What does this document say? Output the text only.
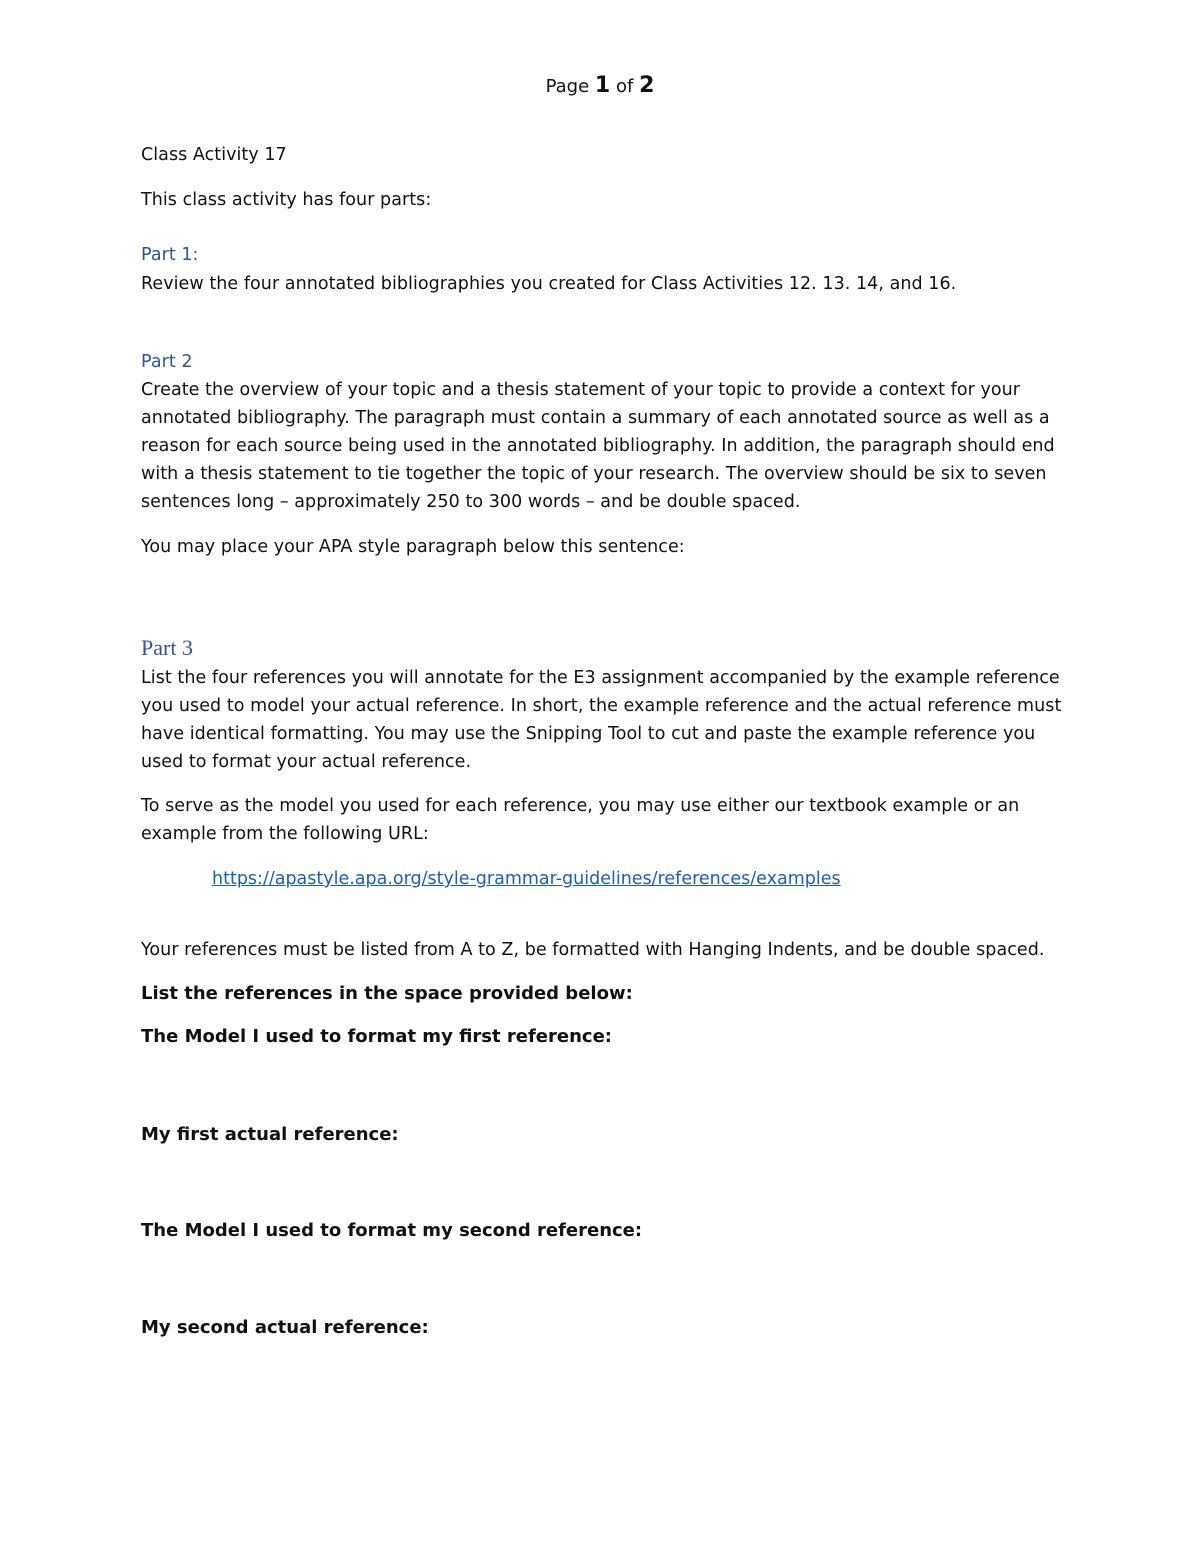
Page 1 of 2
Class Activity 17
This class activity has four parts:
Part 1:
Review the four annotated bibliographies you created for Class Activities 12. 13. 14, and 16.
Part 2
Create the overview of your topic and a thesis statement of your topic to provide a context for your
annotated bibliography. The paragraph must contain a summary of each annotated source as well as a
reason for each source being used in the annotated bibliography. In addition, the paragraph should end
with a thesis statement to tie together the topic of your research. The overview should be six to seven
sentences long – approximately 250 to 300 words – and be double spaced.
You may place your APA style paragraph below this sentence:
Part 3
List the four references you will annotate for the E3 assignment accompanied by the example reference
you used to model your actual reference. In short, the example reference and the actual reference must
have identical formatting. You may use the Snipping Tool to cut and paste the example reference you
used to format your actual reference.
To serve as the model you used for each reference, you may use either our textbook example or an
example from the following URL:
https://apastyle.apa.org/style-grammar-guidelines/references/examples
Your references must be listed from A to Z, be formatted with Hanging Indents, and be double spaced.
List the references in the space provided below:
The Model I used to format my first reference:
My first actual reference:
The Model I used to format my second reference:
My second actual reference:
